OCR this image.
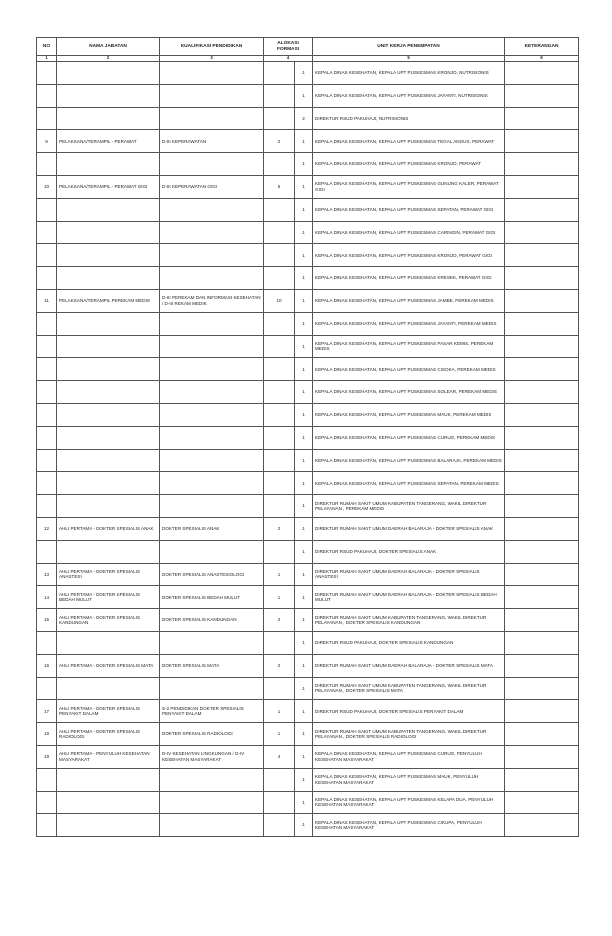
NO	NAMA JABATAN	KUALIFIKASI PENDIDIKAN	ALOKASI FORMASI		UNIT KERJA PENEMPATAN	KETERANGAN
1	2	3	4		5	6
				1	KEPALA DINAS KESEHATAN, KEPALA UPT PUSKESMAS KRONJO, NUTRISIONIS	
				1	KEPALA DINAS KESEHATAN, KEPALA UPT PUSKESMAS JAYANTI, NUTRISIONIS	
				2	DIREKTUR RSUD PAKUHAJI, NUTRISIONIS	
9	PELAKSANA/TERAMPIL - PERAWAT	D-III KEPERAWATAN	2	1	KEPALA DINAS KESEHATAN, KEPALA UPT PUSKESMAS TEGAL ANGUS, PERAWAT	
				1	KEPALA DINAS KESEHATAN, KEPALA UPT PUSKESMAS KRONJO, PERAWAT	
10	PELAKSANA/TERAMPIL - PERAWAT GIGI	D-III KEPERAWATAN GIGI	5	1	KEPALA DINAS KESEHATAN, KEPALA UPT PUSKESMAS GUNUNG KALER, PERAWAT GIGI	
				1	KEPALA DINAS KESEHATAN, KEPALA UPT PUSKESMAS SEPATAN, PERAWAT GIGI	
				1	KEPALA DINAS KESEHATAN, KEPALA UPT PUSKESMAS CARINGIN, PERAWAT GIGI	
				1	KEPALA DINAS KESEHATAN, KEPALA UPT PUSKESMAS KRONJO, PERAWAT GIGI	
				1	KEPALA DINAS KESEHATAN, KEPALA UPT PUSKESMAS KRESEK, PERAWAT GIGI	
11	PELAKSANA/TERAMPIL PEREKAM MEDIS	D-III PEREKAM DAN INFORMASI KESEHATAN / D-III REKAM MEDIK	10	1	KEPALA DINAS KESEHATAN, KEPALA UPT PUSKESMAS JAMBE, PEREKAM MEDIS	
				1	KEPALA DINAS KESEHATAN, KEPALA UPT PUSKESMAS JAYANTI, PEREKAM MEDIS	
				1	KEPALA DINAS KESEHATAN, KEPALA UPT PUSKESMAS PASAR KEMIS, PEREKAM MEDIS	
				1	KEPALA DINAS KESEHATAN, KEPALA UPT PUSKESMAS CISOKA, PEREKAM MEDIS	
				1	KEPALA DINAS KESEHATAN, KEPALA UPT PUSKESMAS SOLEAR, PEREKAM MEDIS	
				1	KEPALA DINAS KESEHATAN, KEPALA UPT PUSKESMAS MAUK, PEREKAM MEDIS	
				1	KEPALA DINAS KESEHATAN, KEPALA UPT PUSKESMAS CURUG, PEREKAM MEDIS	
				1	KEPALA DINAS KESEHATAN, KEPALA UPT PUSKESMAS BALARAJA, PEREKAM MEDIS	
				1	KEPALA DINAS KESEHATAN, KEPALA UPT PUSKESMAS SEPATAN, PEREKAM MEDIS	
				1	DIREKTUR RUMAH SAKIT UMUM KABUPATEN TANGERANG, WAKIL DIREKTUR PELAYANAN , PEREKAM MEDIS	
12	AHLI PERTAMA - DOKTER SPESIALIS ANAK	DOKTER SPESIALIS ANAK	2	1	DIREKTUR RUMAH SAKIT UMUM DAERAH BALARAJA - DOKTER SPESIALIS ANAK	
				1	DIREKTUR RSUD PAKUHAJI, DOKTER SPESIALIS ANAK	
13	AHLI PERTAMA - DOKTER SPESIALIS ANASTESI	DOKTER SPESIALIS ANASTESIOLOGI	1	1	DIREKTUR RUMAH SAKIT UMUM DAERAH BALARAJA - DOKTER SPESIALIS ANASTESI	
14	AHLI PERTAMA - DOKTER SPESIALIS BEDAH MULUT	DOKTER SPESIALIS BEDAH MULUT	1	1	DIREKTUR RUMAH SAKIT UMUM DAERAH BALARAJA - DOKTER SPESIALIS BEDAH MULUT	
15	AHLI PERTAMA - DOKTER SPESIALIS KANDUNGAN	DOKTER SPESIALIS KANDUNGAN	2	1	DIREKTUR RUMAH SAKIT UMUM KABUPATEN TANGERANG, WAKIL DIREKTUR PELAYANAN , DOKTER SPESIALIS KANDUNGAN	
				1	DIREKTUR RSUD PAKUHAJI, DOKTER SPESIALIS KANDUNGAN	
16	AHLI PERTAMA - DOKTER SPESIALIS MATA	DOKTER SPESIALIS MATA	2	1	DIREKTUR RUMAH SAKIT UMUM DAERAH BALARAJA - DOKTER SPESIALIS MATA	
				1	DIREKTUR RUMAH SAKIT UMUM KABUPATEN TANGERANG, WAKIL DIREKTUR PELAYANAN , DOKTER SPESIALIS MATA	
17	AHLI PERTAMA - DOKTER SPESIALIS PENYAKIT DALAM	S-2 PENDIDIKAN DOKTER SPESIALIS PENYAKIT DALAM	1	1	DIREKTUR RSUD PAKUHAJI, DOKTER SPESIALIS PENYAKIT DALAM	
18	AHLI PERTAMA - DOKTER SPESIALIS RADIOLOGI	DOKTER SPESIALIS RADIOLOGI	1	1	DIREKTUR RUMAH SAKIT UMUM KABUPATEN TANGERANG, WAKIL DIREKTUR PELAYANAN , DOKTER SPESIALIS RADIOLOGI	
19	AHLI PERTAMA - PENYULUH KESEHATAN MASYARAKAT	D-IV KESEHATAN LINGKUNGAN / D-IV KESEHATAN MASYARAKAT	4	1	KEPALA DINAS KESEHATAN, KEPALA UPT PUSKESMAS CURUG, PENYULUH KESEHATAN MASYARAKAT	
				1	KEPALA DINAS KESEHATAN, KEPALA UPT PUSKESMAS MAUK, PENYULUH KESEHATAN MASYARAKAT	
				1	KEPALA DINAS KESEHATAN, KEPALA UPT PUSKESMAS KELAPA DUA, PENYULUH KESEHATAN MASYARAKAT	
				1	KEPALA DINAS KESEHATAN, KEPALA UPT PUSKESMAS CIKUPA, PENYULUH KESEHATAN MASYARAKAT	
